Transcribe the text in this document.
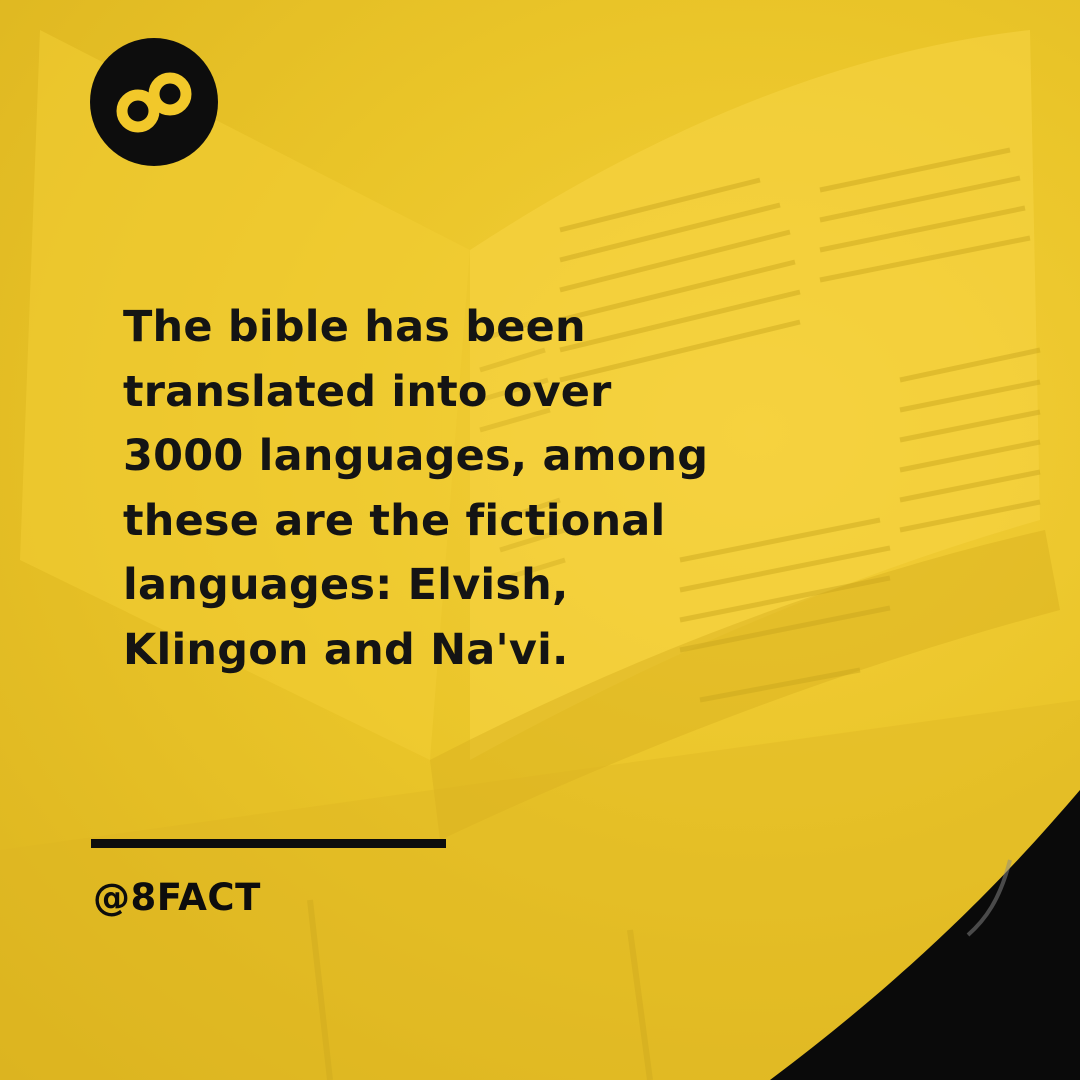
The bible has been
translated into over
3000 languages, among
these are the fictional
languages: Elvish,
Klingon and Na'vi.
@8FACT
